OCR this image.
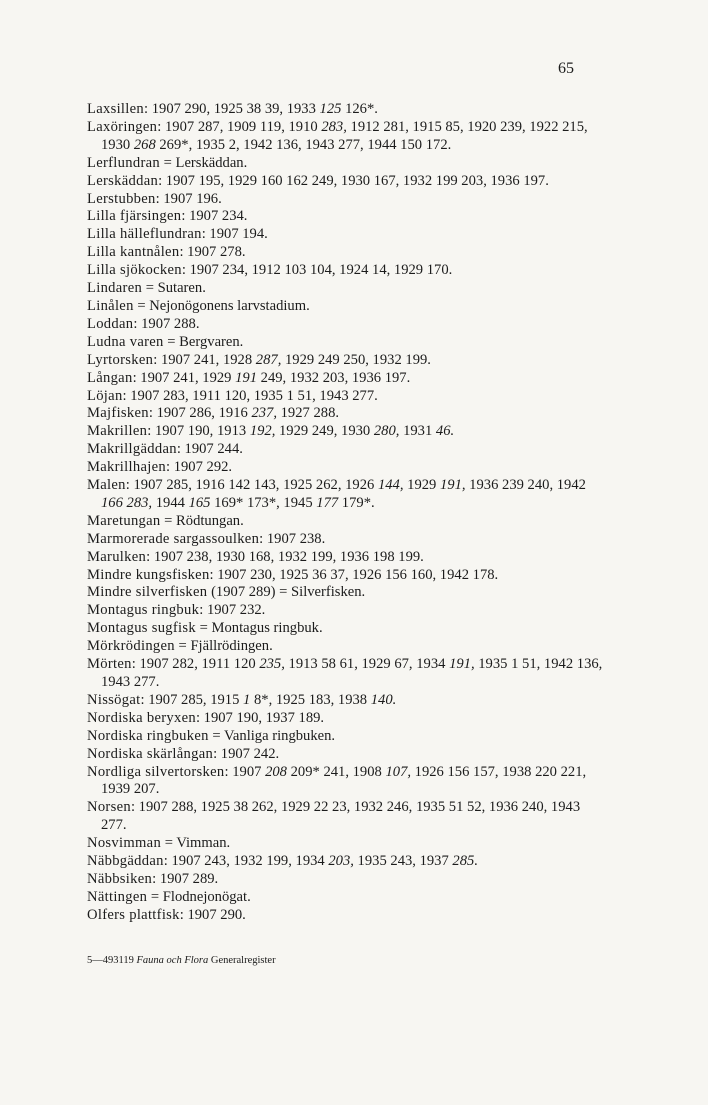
65
Laxsillen: 1907 290, 1925 38 39, 1933 125 126*.
Laxöringen: 1907 287, 1909 119, 1910 283, 1912 281, 1915 85, 1920 239, 1922 215, 1930 268 269*, 1935 2, 1942 136, 1943 277, 1944 150 172.
Lerflundran = Lerskäddan.
Lerskäddan: 1907 195, 1929 160 162 249, 1930 167, 1932 199 203, 1936 197.
Lerstubben: 1907 196.
Lilla fjärsingen: 1907 234.
Lilla hälleflundran: 1907 194.
Lilla kantnålen: 1907 278.
Lilla sjökocken: 1907 234, 1912 103 104, 1924 14, 1929 170.
Lindaren = Sutaren.
Linålen = Nejonögonens larvstadium.
Loddan: 1907 288.
Ludna varen = Bergvaren.
Lyrtorsken: 1907 241, 1928 287, 1929 249 250, 1932 199.
Långan: 1907 241, 1929 191 249, 1932 203, 1936 197.
Löjan: 1907 283, 1911 120, 1935 1 51, 1943 277.
Majfisken: 1907 286, 1916 237, 1927 288.
Makrillen: 1907 190, 1913 192, 1929 249, 1930 280, 1931 46.
Makrillgäddan: 1907 244.
Makrillhajen: 1907 292.
Malen: 1907 285, 1916 142 143, 1925 262, 1926 144, 1929 191, 1936 239 240, 1942 166 283, 1944 165 169* 173*, 1945 177 179*.
Maretungan = Rödtungan.
Marmorerade sargassoulken: 1907 238.
Marulken: 1907 238, 1930 168, 1932 199, 1936 198 199.
Mindre kungsfisken: 1907 230, 1925 36 37, 1926 156 160, 1942 178.
Mindre silverfisken (1907 289) = Silverfisken.
Montagus ringbuk: 1907 232.
Montagus sugfisk = Montagus ringbuk.
Mörkrödingen = Fjällrödingen.
Mörten: 1907 282, 1911 120 235, 1913 58 61, 1929 67, 1934 191, 1935 1 51, 1942 136, 1943 277.
Nissögat: 1907 285, 1915 1 8*, 1925 183, 1938 140.
Nordiska beryxen: 1907 190, 1937 189.
Nordiska ringbuken = Vanliga ringbuken.
Nordiska skärlångan: 1907 242.
Nordliga silvertorsken: 1907 208 209* 241, 1908 107, 1926 156 157, 1938 220 221, 1939 207.
Norsen: 1907 288, 1925 38 262, 1929 22 23, 1932 246, 1935 51 52, 1936 240, 1943 277.
Nosvimman = Vimman.
Näbbgäddan: 1907 243, 1932 199, 1934 203, 1935 243, 1937 285.
Näbbsiken: 1907 289.
Nättingen = Flodnejonögat.
Olfers plattfisk: 1907 290.
5—493119 Fauna och Flora Generalregister
